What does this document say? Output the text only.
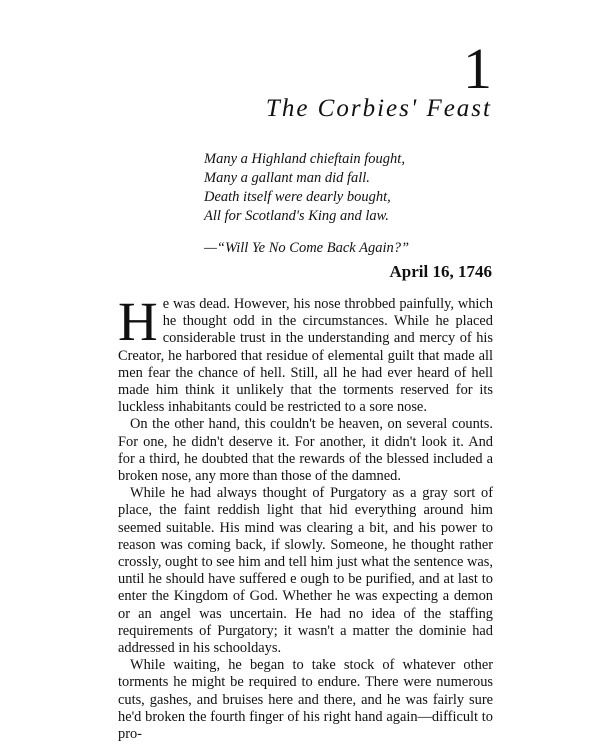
1
The Corbies' Feast
Many a Highland chieftain fought,
Many a gallant man did fall.
Death itself were dearly bought,
All for Scotland's King and law.
—“Will Ye No Come Back Again?”
April 16, 1746

He was dead. However, his nose throbbed painfully, which he thought odd in the circumstances. While he placed considerable trust in the understanding and mercy of his Creator, he harbored that residue of elemental guilt that made all men fear the chance of hell. Still, all he had ever heard of hell made him think it unlikely that the torments reserved for its luckless inhabitants could be restricted to a sore nose.

On the other hand, this couldn't be heaven, on several counts. For one, he didn't deserve it. For another, it didn't look it. And for a third, he doubted that the rewards of the blessed included a broken nose, any more than those of the damned.

While he had always thought of Purgatory as a gray sort of place, the faint reddish light that hid everything around him seemed suitable. His mind was clearing a bit, and his power to reason was coming back, if slowly. Someone, he thought rather crossly, ought to see him and tell him just what the sentence was, until he should have suffered e ough to be purified, and at last to enter the Kingdom of God. Whether he was expecting a demon or an angel was uncertain. He had no idea of the staffing requirements of Purgatory; it wasn't a matter the dominie had addressed in his schooldays.

While waiting, he began to take stock of whatever other torments he might be required to endure. There were numerous cuts, gashes, and bruises here and there, and he was fairly sure he'd broken the fourth finger of his right hand again—difficult to pro-
